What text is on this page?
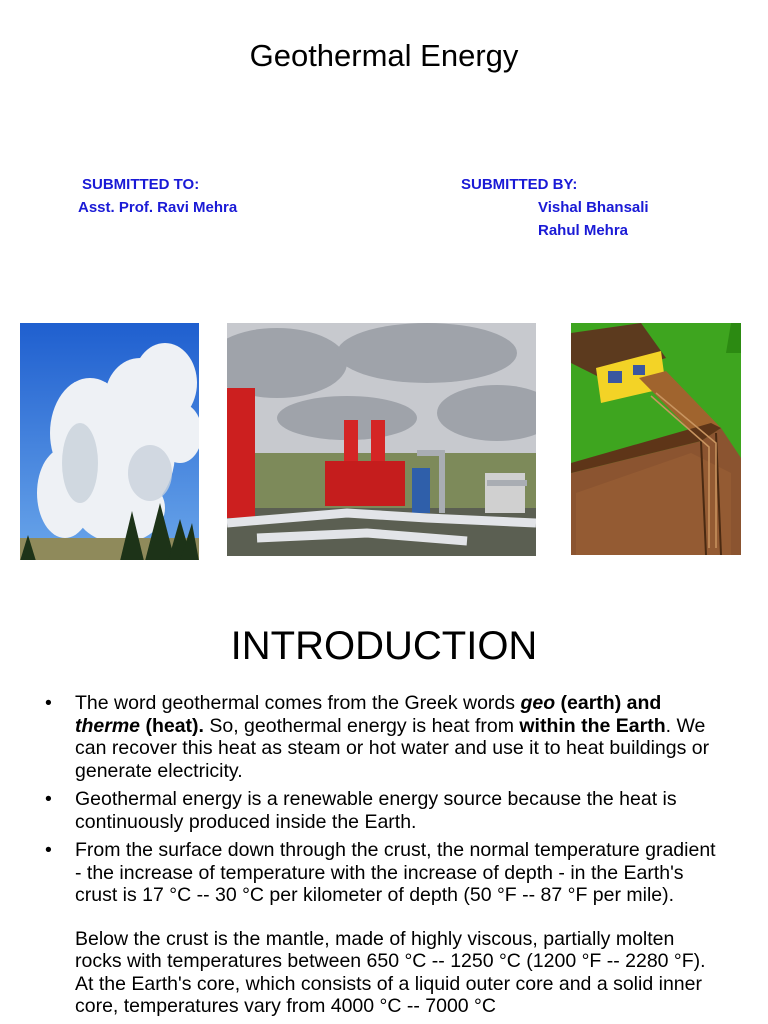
Geothermal Energy
SUBMITTED TO:
Asst. Prof. Ravi Mehra
SUBMITTED BY:
Vishal Bhansali
Rahul Mehra
INTRODUCTION
• The word geothermal comes from the Greek words geo (earth) and therme (heat). So, geothermal energy is heat from within the Earth. We can recover this heat as steam or hot water and use it to heat buildings or generate electricity.
• Geothermal energy is a renewable energy source because the heat is continuously produced inside the Earth.
• From the surface down through the crust, the normal temperature gradient - the increase of temperature with the increase of depth - in the Earth's crust is 17 °C -- 30 °C per kilometer of depth (50 °F -- 87 °F per mile).
Below the crust is the mantle, made of highly viscous, partially molten rocks with temperatures between 650 °C -- 1250 °C (1200 °F -- 2280 °F). At the Earth's core, which consists of a liquid outer core and a solid inner core, temperatures vary from 4000 °C -- 7000 °C
